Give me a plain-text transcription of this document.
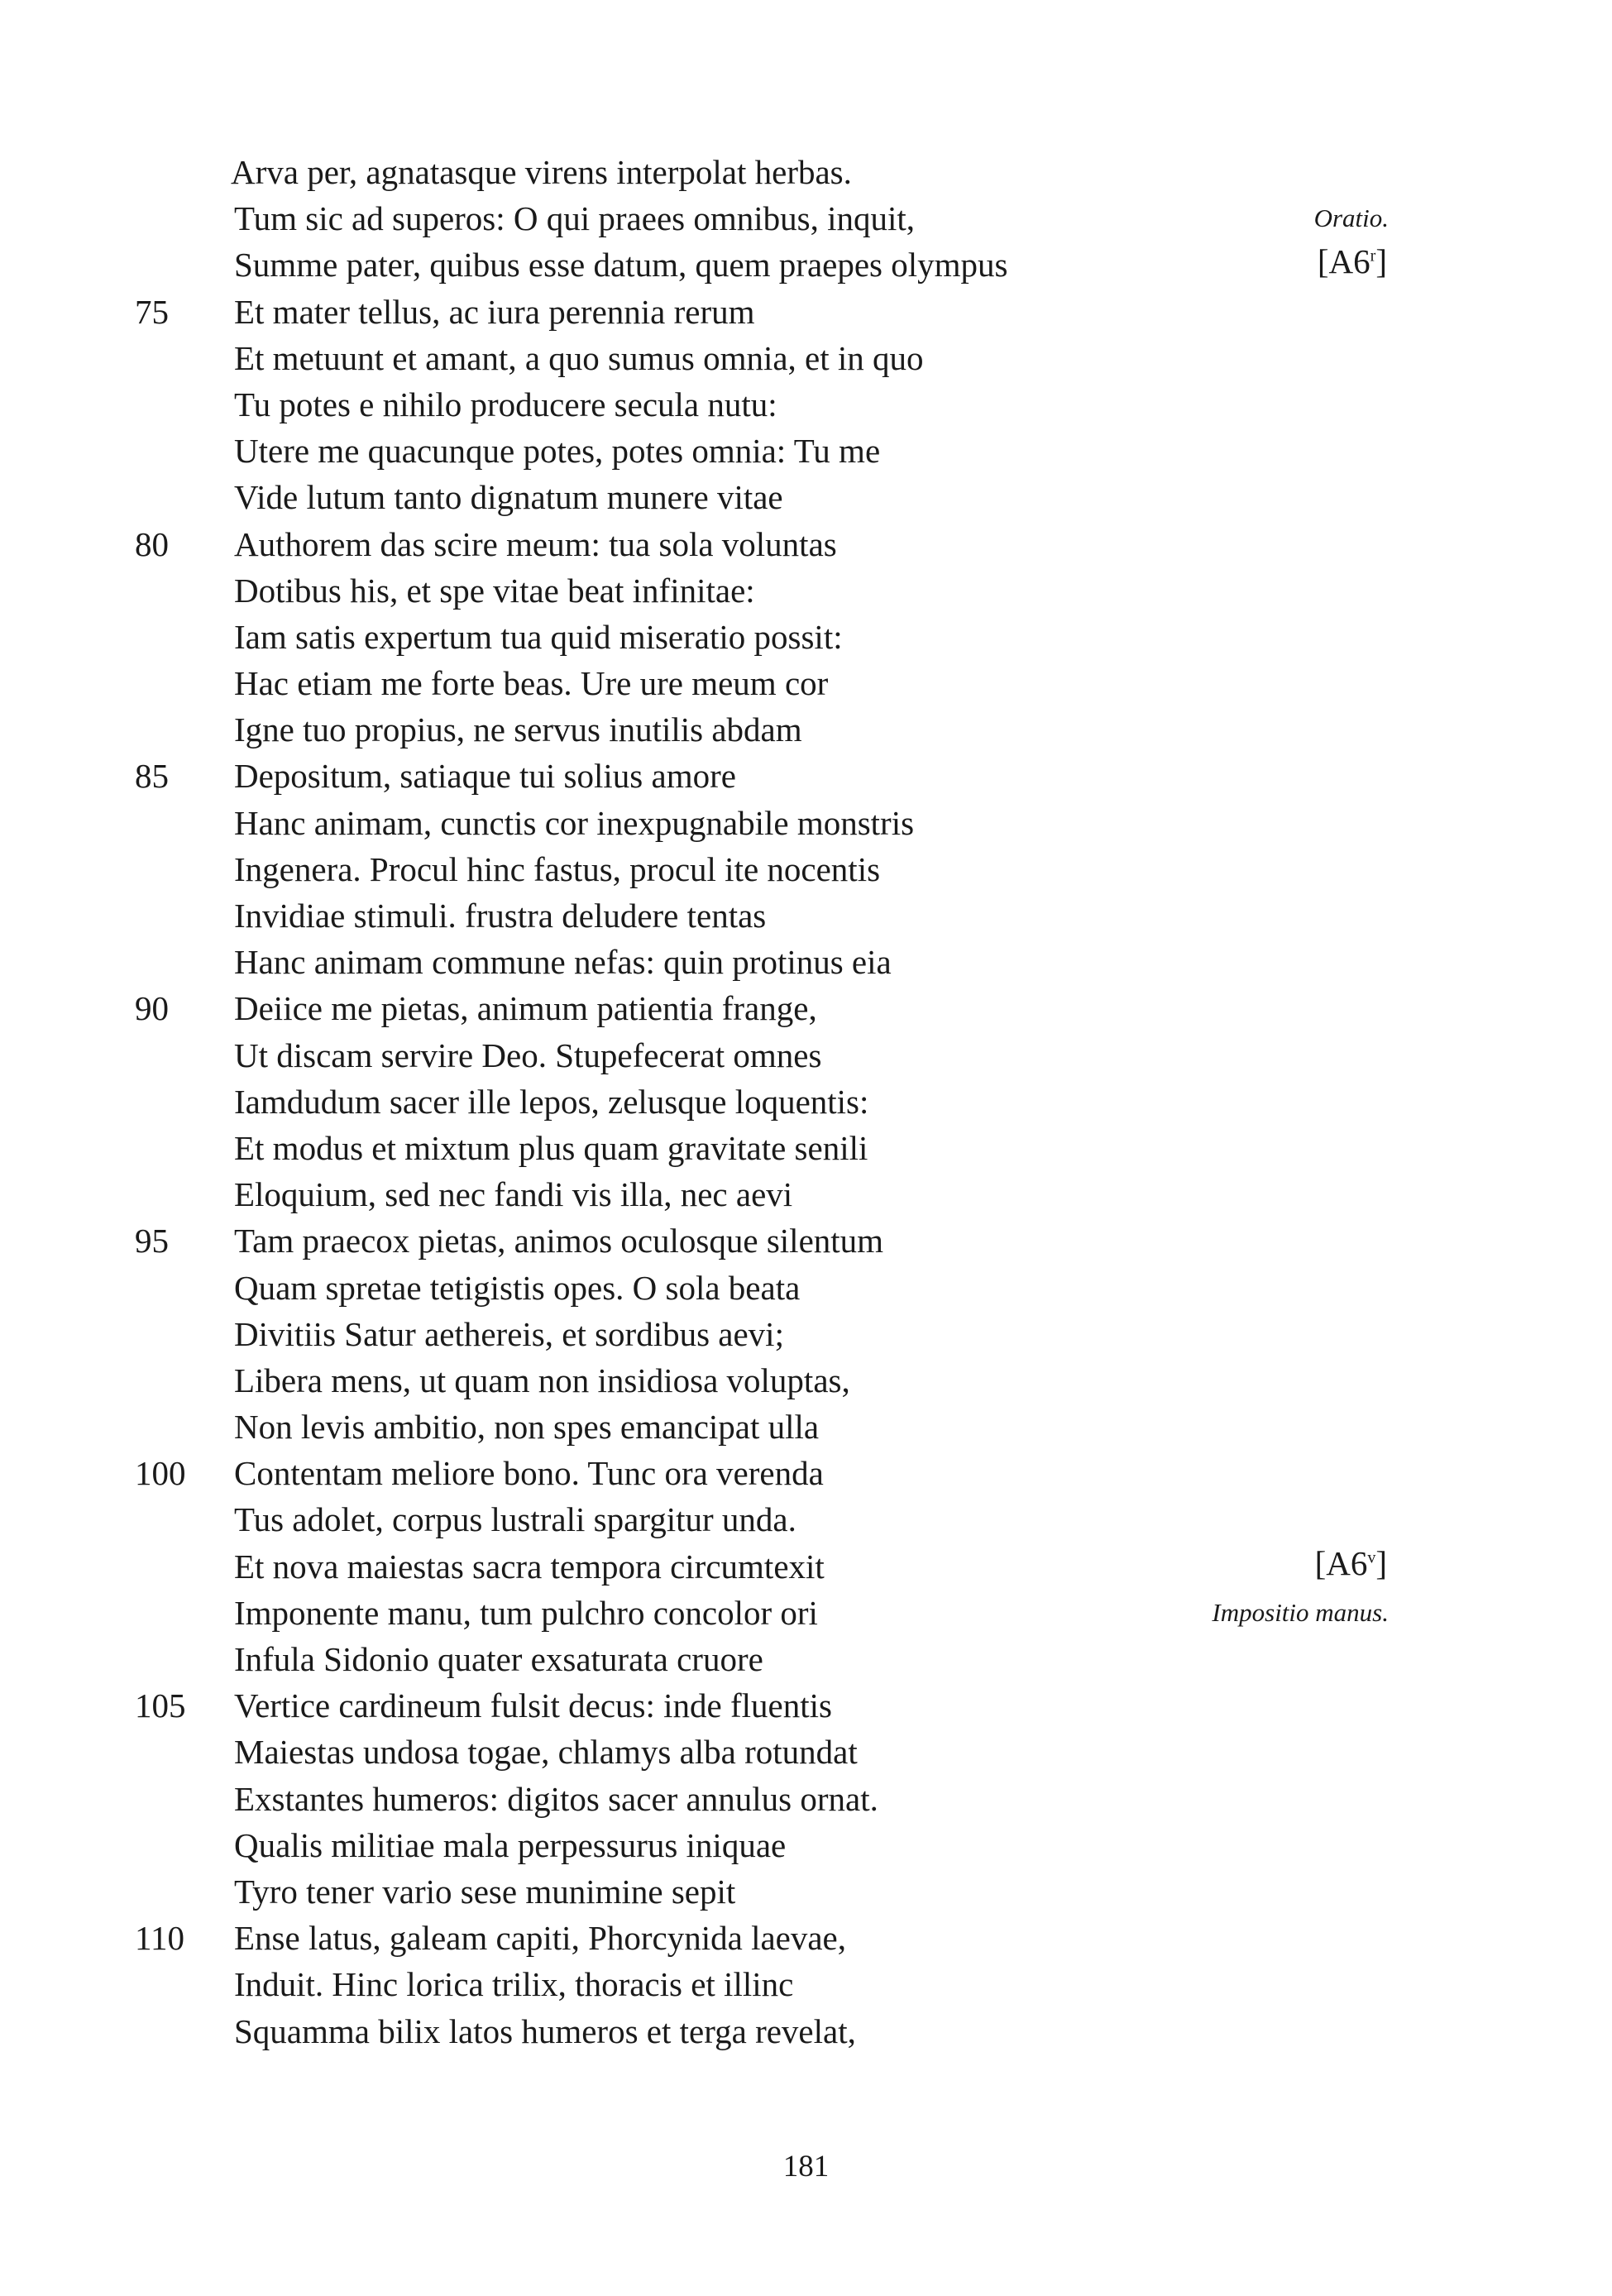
Arva per, agnatasque virens interpolat herbas.
Tum sic ad superos: O qui praees omnibus, inquit,	Oratio.
Summe pater, quibus esse datum, quem praepes olympus	[A6$^r$]
75	Et mater tellus, ac iura perennia rerum
Et metuunt et amant, a quo sumus omnia, et in quo
Tu potes e nihilo producere secula nutu:
Utere me quacunque potes, potes omnia: Tu me
Vide lutum tanto dignatum munere vitae
80	Authorem das scire meum: tua sola voluntas
Dotibus his, et spe vitae beat infinitae:
Iam satis expertum tua quid miseratio possit:
Hac etiam me forte beas. Ure ure meum cor
Igne tuo propius, ne servus inutilis abdam
85	Depositum, satiaque tui solius amore
Hanc animam, cunctis cor inexpugnabile monstris
Ingenera. Procul hinc fastus, procul ite nocentis
Invidiae stimuli. frustra deludere tentas
Hanc animam commune nefas: quin protinus eia
90	Deiice me pietas, animum patientia frange,
Ut discam servire Deo. Stupefecerat omnes
Iamdudum sacer ille lepos, zelusque loquentis:
Et modus et mixtum plus quam gravitate senili
Eloquium, sed nec fandi vis illa, nec aevi
95	Tam praecox pietas, animos oculosque silentum
Quam spretae tetigistis opes. O sola beata
Divitiis Satur aethereis, et sordibus aevi;
Libera mens, ut quam non insidiosa voluptas,
Non levis ambitio, non spes emancipat ulla
100	Contentam meliore bono. Tunc ora verenda
Tus adolet, corpus lustrali spargitur unda.
Et nova maiestas sacra tempora circumtexit	[A6$^v$]
Imponente manu, tum pulchro concolor ori	Impositio manus.
Infula Sidonio quater exsaturata cruore
105	Vertice cardineum fulsit decus: inde fluentis
Maiestas undosa togae, chlamys alba rotundat
Exstantes humeros: digitos sacer annulus ornat.
Qualis militiae mala perpessurus iniquae
Tyro tener vario sese munimine sepit
110	Ense latus, galeam capiti, Phorcynida laevae,
Induit. Hinc lorica trilix, thoracis et illinc
Squamma bilix latos humeros et terga revelat,
181
